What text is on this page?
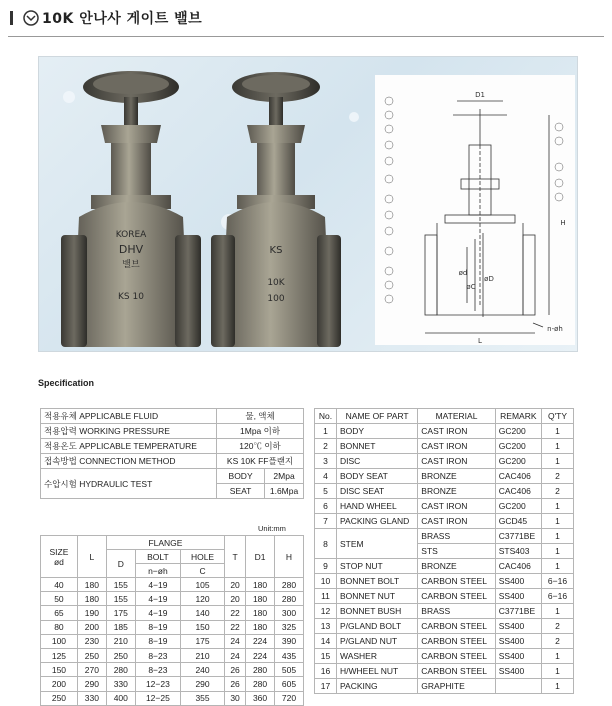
10K 안나사 게이트 밸브
KOREA
DHV
밸브
KS 10
KS
10K
100
D1
H
L
n-øh
ød
øC
øD
Specification
적용유체 APPLICABLE FLUID	물, 액체	
적용압력 WORKING PRESSURE	1Mpa 이하	
적용온도 APPLICABLE TEMPERATURE	120℃ 이하	
접속방법 CONNECTION METHOD	KS 10K FF플랜지	
수압시험 HYDRAULIC TEST	BODY	2Mpa
	SEAT	1.6Mpa
Unit:mm
SIZE
ød	L	FLANGE			T	D1	H
		D	BOLT	HOLE			
			n−øh	C			
40	180	155	4−19	105	20	180	280
50	180	155	4−19	120	20	180	280
65	190	175	4−19	140	22	180	300
80	200	185	8−19	150	22	180	325
100	230	210	8−19	175	24	224	390
125	250	250	8−23	210	24	224	435
150	270	280	8−23	240	26	280	505
200	290	330	12−23	290	26	280	605
250	330	400	12−25	355	30	360	720
No.	NAME OF PART	MATERIAL	REMARK	Q'TY
1	BODY	CAST IRON	GC200	1
2	BONNET	CAST IRON	GC200	1
3	DISC	CAST IRON	GC200	1
4	BODY SEAT	BRONZE	CAC406	2
5	DISC SEAT	BRONZE	CAC406	2
6	HAND WHEEL	CAST IRON	GC200	1
7	PACKING GLAND	CAST IRON	GCD45	1
8	STEM	BRASS	C3771BE	1
		STS	STS403	1
9	STOP NUT	BRONZE	CAC406	1
10	BONNET BOLT	CARBON STEEL	SS400	6−16
11	BONNET NUT	CARBON STEEL	SS400	6−16
12	BONNET BUSH	BRASS	C3771BE	1
13	P/GLAND BOLT	CARBON STEEL	SS400	2
14	P/GLAND NUT	CARBON STEEL	SS400	2
15	WASHER	CARBON STEEL	SS400	1
16	H/WHEEL NUT	CARBON STEEL	SS400	1
17	PACKING	GRAPHITE		1
